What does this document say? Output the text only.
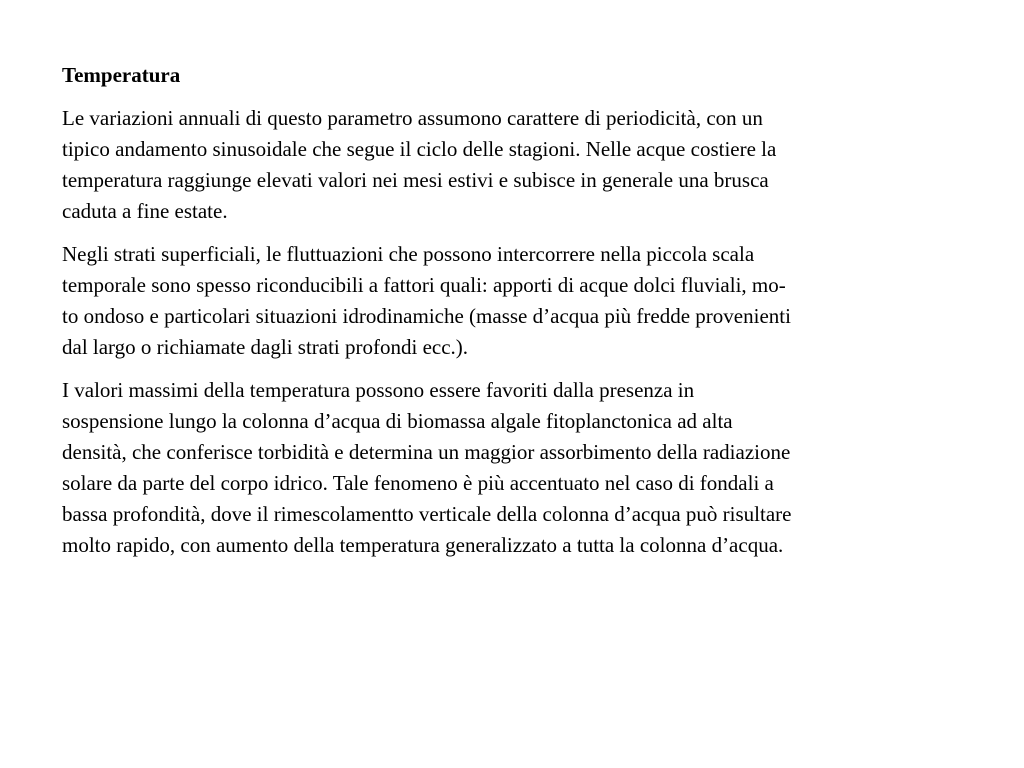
Temperatura
Le variazioni annuali di questo parametro assumono carattere di periodicità, con un
tipico andamento sinusoidale che segue il ciclo delle stagioni. Nelle acque costiere la
temperatura raggiunge elevati valori nei mesi estivi e subisce in generale una brusca
caduta a fine estate.
Negli strati superficiali, le fluttuazioni che possono intercorrere nella piccola scala
temporale sono spesso riconducibili a fattori quali: apporti di acque dolci fluviali, mo-
to ondoso e particolari situazioni idrodinamiche (masse d’acqua più fredde provenienti
dal largo o richiamate dagli strati profondi ecc.).
I valori massimi della temperatura possono essere favoriti dalla presenza in
sospensione lungo la colonna d’acqua di biomassa algale fitoplanctonica ad alta
densità, che conferisce torbidità e determina un maggior assorbimento della radiazione
solare da parte del corpo idrico. Tale fenomeno è più accentuato nel caso di fondali a
bassa profondità, dove il rimescolamentto verticale della colonna d’acqua può risultare
molto rapido, con aumento della temperatura generalizzato a tutta la colonna d’acqua.
